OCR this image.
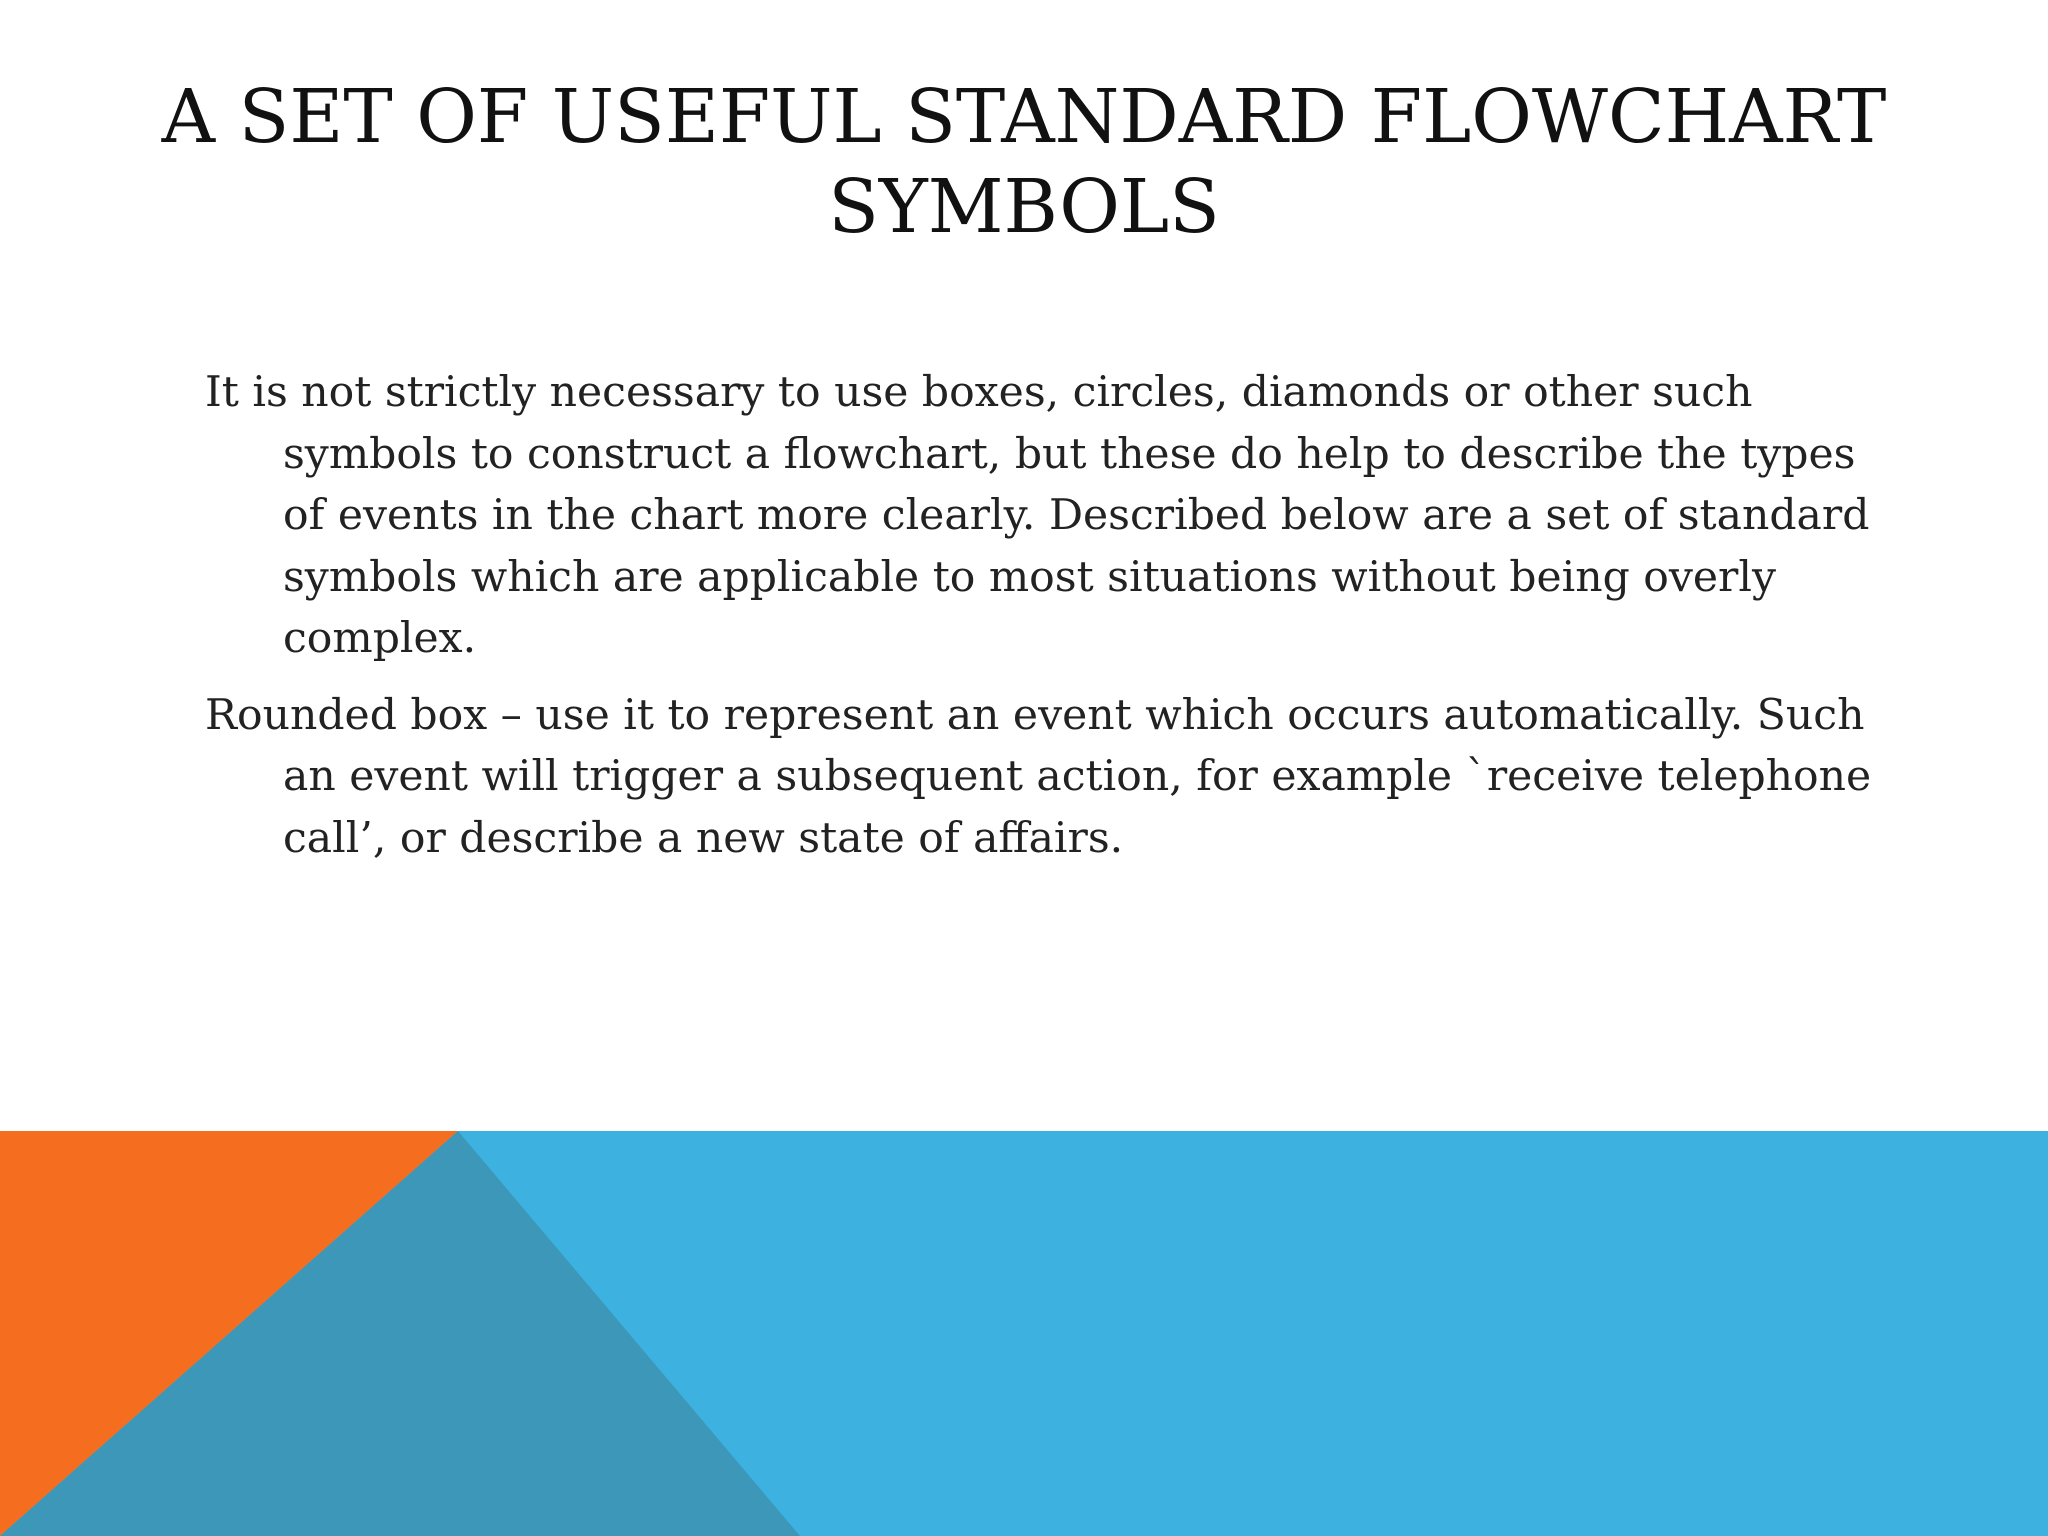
A SET OF USEFUL STANDARD FLOWCHART SYMBOLS

It is not strictly necessary to use boxes, circles, diamonds or other such symbols to construct a flowchart, but these do help to describe the types of events in the chart more clearly. Described below are a set of standard symbols which are applicable to most situations without being overly complex.

Rounded box – use it to represent an event which occurs automatically. Such an event will trigger a subsequent action, for example `receive telephone call’, or describe a new state of affairs.
